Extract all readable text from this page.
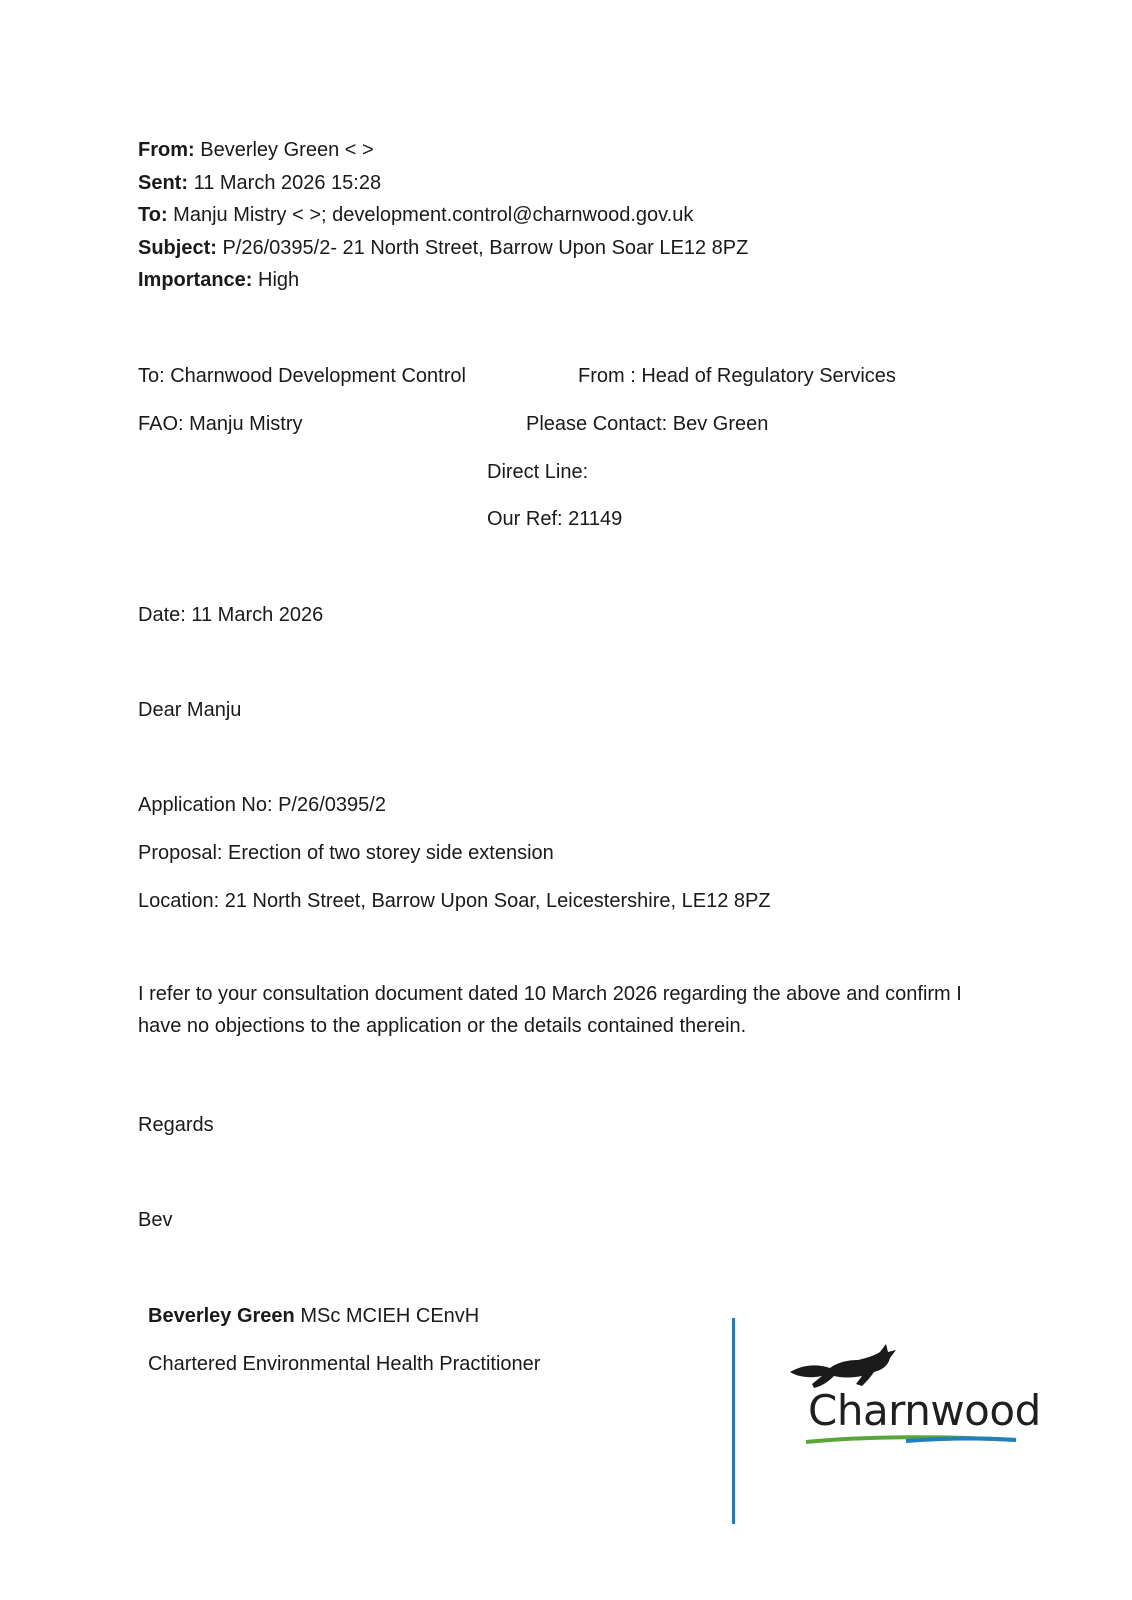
From: Beverley Green < >
Sent: 11 March 2026 15:28
To: Manju Mistry < >; development.control@charnwood.gov.uk
Subject: P/26/0395/2- 21 North Street, Barrow Upon Soar LE12 8PZ
Importance: High
To: Charnwood Development Control	From : Head of Regulatory Services
FAO: Manju Mistry	Please Contact: Bev Green
Direct Line:
Our Ref: 21149
Date: 11 March 2026
Dear Manju
Application No: P/26/0395/2
Proposal: Erection of two storey side extension
Location: 21 North Street, Barrow Upon Soar, Leicestershire, LE12 8PZ
I refer to your consultation document dated 10 March 2026 regarding the above and confirm I have no objections to the application or the details contained therein.
Regards
Bev
Beverley Green MSc MCIEH CEnvH
Chartered Environmental Health Practitioner
Charnwood
